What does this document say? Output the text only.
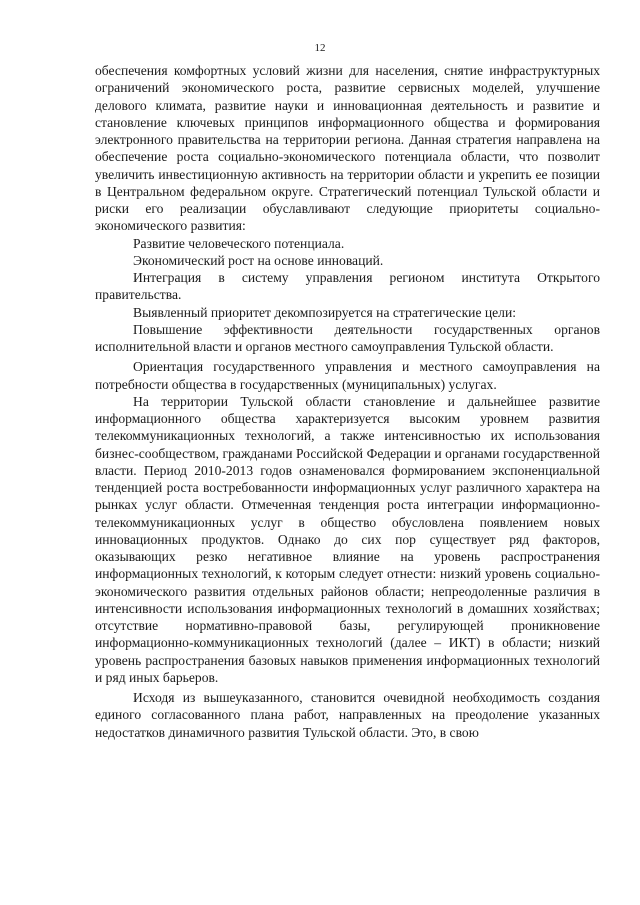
12

обеспечения комфортных условий жизни для населения, снятие инфраструктурных ограничений экономического роста, развитие сервисных моделей, улучшение делового климата, развитие науки и инновационная деятельность и развитие и становление ключевых принципов информационного общества и формирования электронного правительства на территории региона. Данная стратегия направлена на обеспечение роста социально-экономического потенциала области, что позволит увеличить инвестиционную активность на территории области и укрепить ее позиции в Центральном федеральном округе. Стратегический потенциал Тульской области и риски его реализации обуславливают следующие приоритеты социально-экономического развития:

Развитие человеческого потенциала.

Экономический рост на основе инноваций.

Интеграция в систему управления регионом института Открытого правительства.

Выявленный приоритет декомпозируется на стратегические цели:

Повышение эффективности деятельности государственных органов исполнительной власти и органов местного самоуправления Тульской области.

Ориентация государственного управления и местного самоуправления на потребности общества в государственных (муниципальных) услугах.

На территории Тульской области становление и дальнейшее развитие информационного общества характеризуется высоким уровнем развития телекоммуникационных технологий, а также интенсивностью их использования бизнес-сообществом, гражданами Российской Федерации и органами государственной власти. Период 2010-2013 годов ознаменовался формированием экспоненциальной тенденцией роста востребованности информационных услуг различного характера на рынках услуг области. Отмеченная тенденция роста интеграции информационно-телекоммуникационных услуг в общество обусловлена появлением новых инновационных продуктов. Однако до сих пор существует ряд факторов, оказывающих резко негативное влияние на уровень распространения информационных технологий, к которым следует отнести: низкий уровень социально-экономического развития отдельных районов области; непреодоленные различия в интенсивности использования информационных технологий в домашних хозяйствах; отсутствие нормативно-правовой базы, регулирующей проникновение информационно-коммуникационных технологий (далее – ИКТ) в области; низкий уровень распространения базовых навыков применения информационных технологий и ряд иных барьеров.

Исходя из вышеуказанного, становится очевидной необходимость создания единого согласованного плана работ, направленных на преодоление указанных недостатков динамичного развития Тульской области. Это, в свою
